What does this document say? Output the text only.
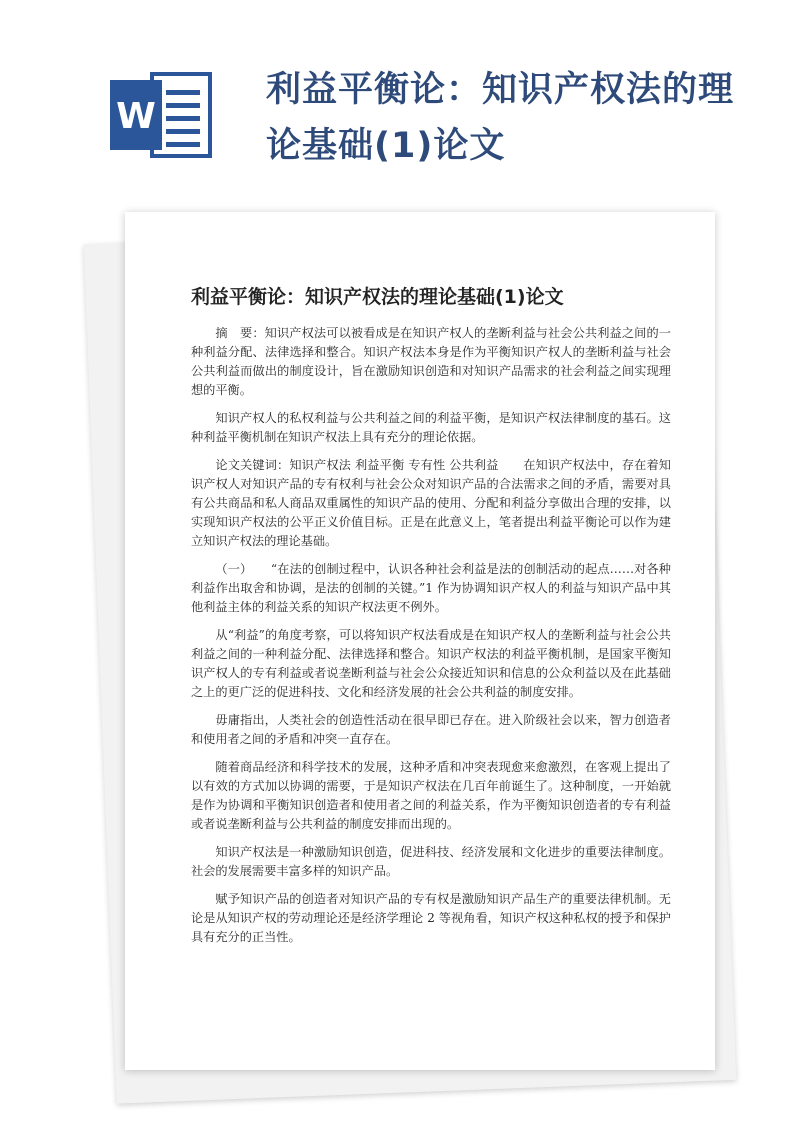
W
利益平衡论：知识产权法的理论基础(1)论文
利益平衡论：知识产权法的理论基础(1)论文

摘　要：知识产权法可以被看成是在知识产权人的垄断利益与社会公共利益之间的一种利益分配、法律选择和整合。知识产权法本身是作为平衡知识产权人的垄断利益与社会公共利益而做出的制度设计，旨在激励知识创造和对知识产品需求的社会利益之间实现理想的平衡。

知识产权人的私权利益与公共利益之间的利益平衡，是知识产权法律制度的基石。这种利益平衡机制在知识产权法上具有充分的理论依据。

论文关键词：知识产权法 利益平衡 专有性 公共利益　　在知识产权法中，存在着知识产权人对知识产品的专有权利与社会公众对知识产品的合法需求之间的矛盾，需要对具有公共商品和私人商品双重属性的知识产品的使用、分配和利益分享做出合理的安排，以实现知识产权法的公平正义价值目标。正是在此意义上，笔者提出利益平衡论可以作为建立知识产权法的理论基础。

（一）　　“在法的创制过程中，认识各种社会利益是法的创制活动的起点……对各种利益作出取舍和协调，是法的创制的关键。”1 作为协调知识产权人的利益与知识产品中其他利益主体的利益关系的知识产权法更不例外。

从“利益”的角度考察，可以将知识产权法看成是在知识产权人的垄断利益与社会公共利益之间的一种利益分配、法律选择和整合。知识产权法的利益平衡机制，是国家平衡知识产权人的专有利益或者说垄断利益与社会公众接近知识和信息的公众利益以及在此基础之上的更广泛的促进科技、文化和经济发展的社会公共利益的制度安排。

毋庸指出，人类社会的创造性活动在很早即已存在。进入阶级社会以来，智力创造者和使用者之间的矛盾和冲突一直存在。

随着商品经济和科学技术的发展，这种矛盾和冲突表现愈来愈激烈，在客观上提出了以有效的方式加以协调的需要，于是知识产权法在几百年前诞生了。这种制度，一开始就是作为协调和平衡知识创造者和使用者之间的利益关系，作为平衡知识创造者的专有利益或者说垄断利益与公共利益的制度安排而出现的。

知识产权法是一种激励知识创造，促进科技、经济发展和文化进步的重要法律制度。社会的发展需要丰富多样的知识产品。

赋予知识产品的创造者对知识产品的专有权是激励知识产品生产的重要法律机制。无论是从知识产权的劳动理论还是经济学理论 2 等视角看，知识产权这种私权的授予和保护具有充分的正当性。
